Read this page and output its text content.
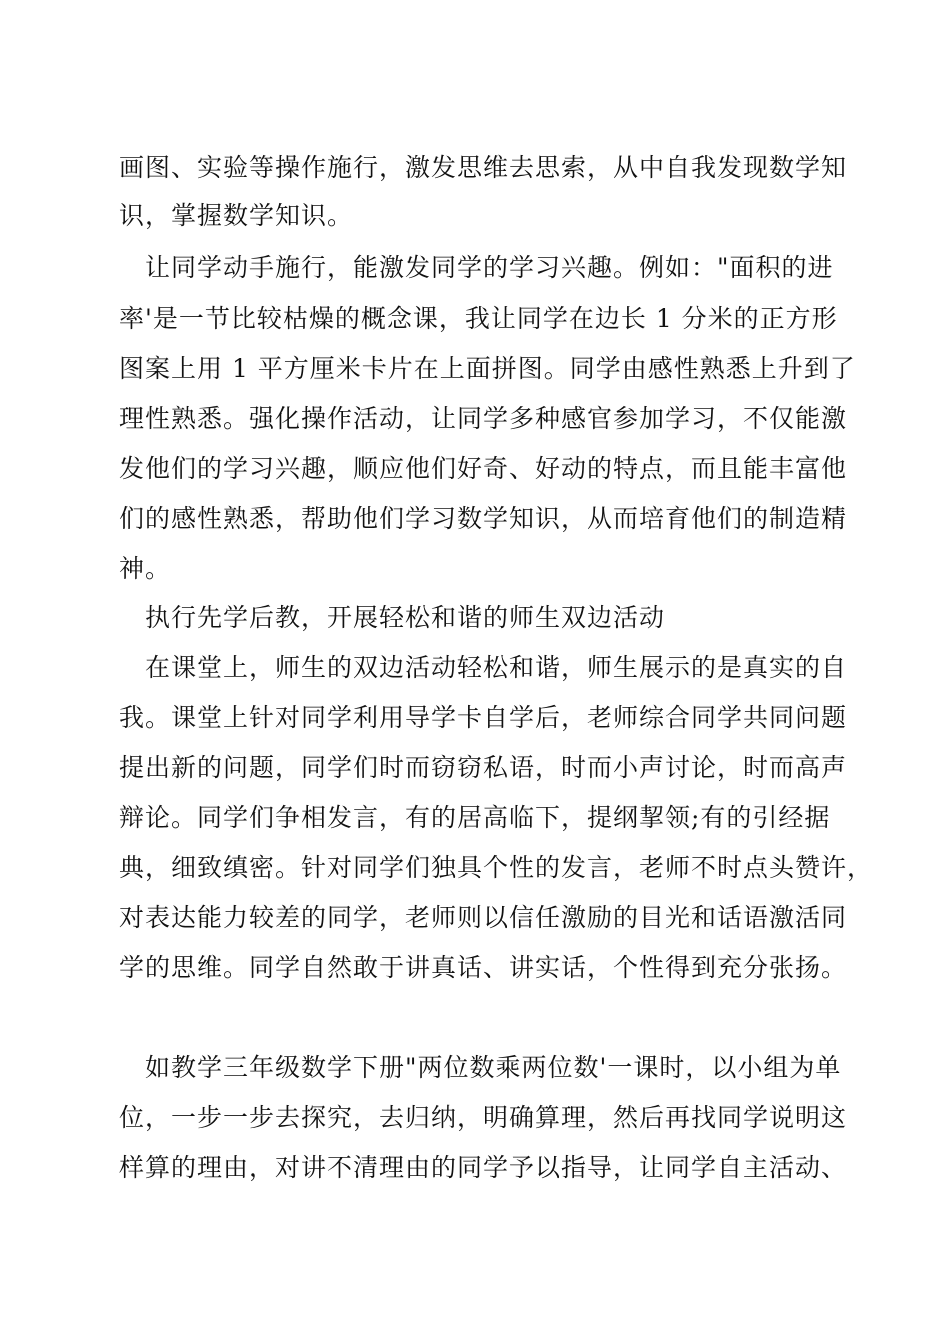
画图、实验等操作施行，激发思维去思索，从中自我发现数学知
识，掌握数学知识。
让同学动手施行，能激发同学的学习兴趣。例如："面积的进
率'是一节比较枯燥的概念课，我让同学在边长 1 分米的正方形
图案上用 1 平方厘米卡片在上面拼图。同学由感性熟悉上升到了
理性熟悉。强化操作活动，让同学多种感官参加学习，不仅能激
发他们的学习兴趣，顺应他们好奇、好动的特点，而且能丰富他
们的感性熟悉，帮助他们学习数学知识，从而培育他们的制造精
神。
执行先学后教，开展轻松和谐的师生双边活动
在课堂上，师生的双边活动轻松和谐，师生展示的是真实的自
我。课堂上针对同学利用导学卡自学后，老师综合同学共同问题
提出新的问题，同学们时而窃窃私语，时而小声讨论，时而高声
辩论。同学们争相发言，有的居高临下，提纲挈领;有的引经据
典，细致缜密。针对同学们独具个性的发言，老师不时点头赞许，
对表达能力较差的同学，老师则以信任激励的目光和话语激活同
学的思维。同学自然敢于讲真话、讲实话，个性得到充分张扬。
如教学三年级数学下册"两位数乘两位数'一课时，以小组为单
位，一步一步去探究，去归纳，明确算理，然后再找同学说明这
样算的理由，对讲不清理由的同学予以指导，让同学自主活动、
